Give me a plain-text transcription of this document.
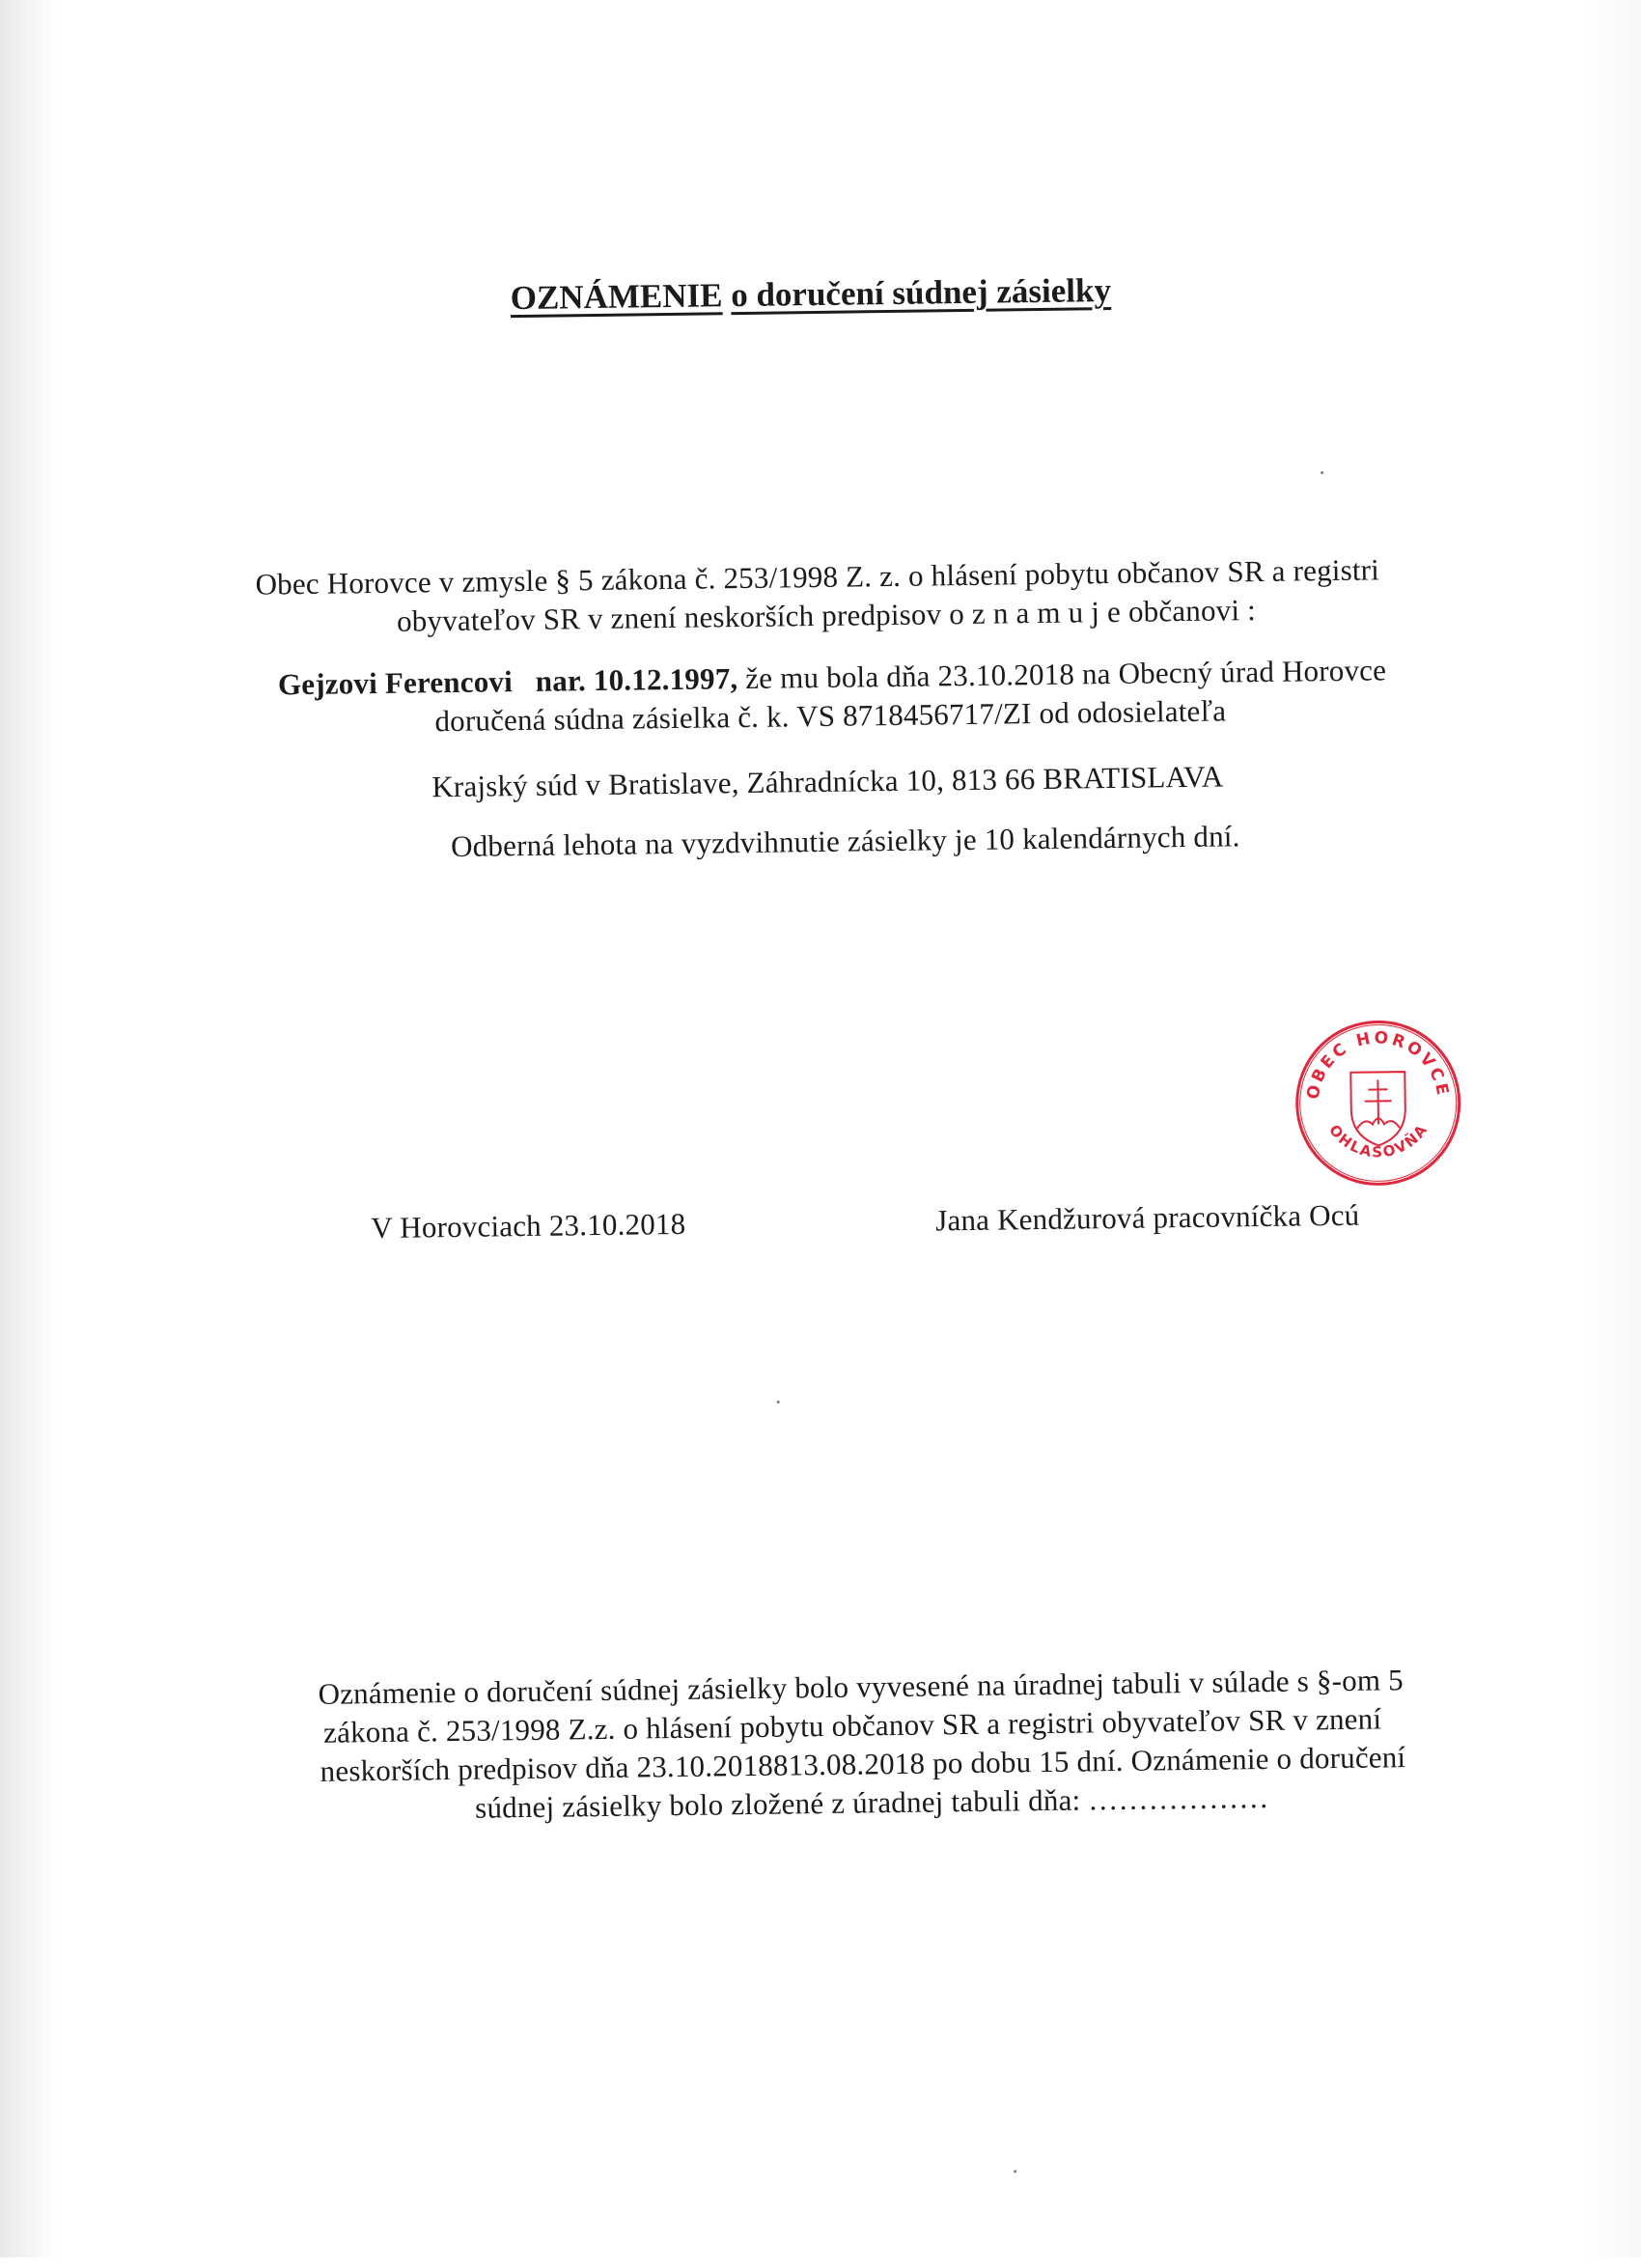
OZNÁMENIE o doručení súdnej zásielky
Obec Horovce v zmysle § 5 zákona č. 253/1998 Z. z. o hlásení pobytu občanov SR a registri
obyvateľov SR v znení neskorších predpisov o z n a m u j e občanovi :
Gejzovi Ferencovi nar. 10.12.1997, že mu bola dňa 23.10.2018 na Obecný úrad Horovce
doručená súdna zásielka č. k. VS 8718456717/ZI od odosielateľa
Krajský súd v Bratislave, Záhradnícka 10, 813 66 BRATISLAVA
Odberná lehota na vyzdvihnutie zásielky je 10 kalendárnych dní.
V Horovciach 23.10.2018	Jana Kendžurová pracovníčka Ocú
OBEC HOROVCE
OHLASOVŇA
Oznámenie o doručení súdnej zásielky bolo vyvesené na úradnej tabuli v súlade s §-om 5
zákona č. 253/1998 Z.z. o hlásení pobytu občanov SR a registri obyvateľov SR v znení
neskorších predpisov dňa 23.10.2018813.08.2018 po dobu 15 dní. Oznámenie o doručení
súdnej zásielky bolo zložené z úradnej tabuli dňa: ………………
